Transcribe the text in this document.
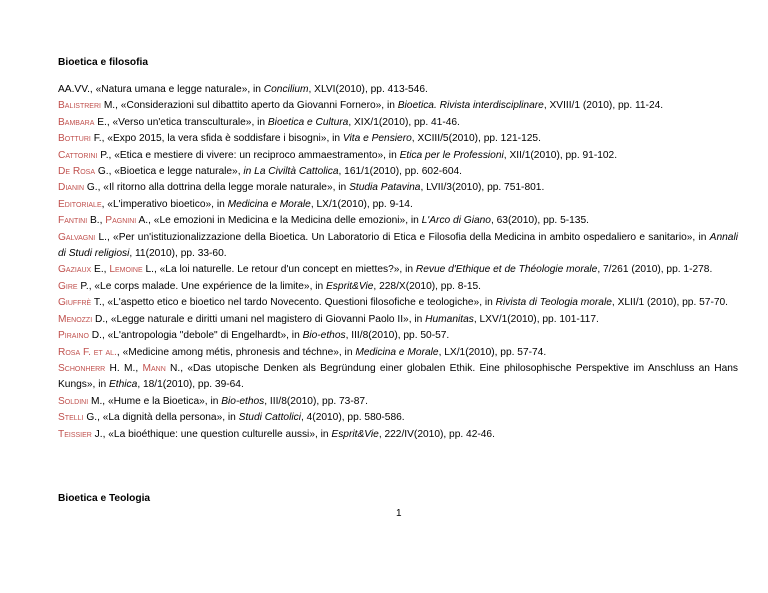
Bioetica e filosofia
AA.VV., «Natura umana e legge naturale», in Concilium, XLVI(2010), pp. 413-546.
Balistreri M., «Considerazioni sul dibattito aperto da Giovanni Fornero», in Bioetica. Rivista interdisciplinare, XVIII/1 (2010), pp. 11-24.
Bambara E., «Verso un'etica transculturale», in Bioetica e Cultura, XIX/1(2010), pp. 41-46.
Botturi F., «Expo 2015, la vera sfida è soddisfare i bisogni», in Vita e Pensiero, XCIII/5(2010), pp. 121-125.
Cattorini P., «Etica e mestiere di vivere: un reciproco ammaestramento», in Etica per le Professioni, XII/1(2010), pp. 91-102.
De Rosa G., «Bioetica e legge naturale», in La Civiltà Cattolica, 161/1(2010), pp. 602-604.
Dianin G., «Il ritorno alla dottrina della legge morale naturale», in Studia Patavina, LVII/3(2010), pp. 751-801.
Editoriale, «L'imperativo bioetico», in Medicina e Morale, LX/1(2010), pp. 9-14.
Fantini B., Pagnini A., «Le emozioni in Medicina e la Medicina delle emozioni», in L'Arco di Giano, 63(2010), pp. 5-135.
Galvagni L., «Per un'istituzionalizzazione della Bioetica. Un Laboratorio di Etica e Filosofia della Medicina in ambito ospedaliero e sanitario», in Annali di Studi religiosi, 11(2010), pp. 33-60.
Gaziaux E., Lemoine L., «La loi naturelle. Le retour d'un concept en miettes?», in Revue d'Ethique et de Théologie morale, 7/261 (2010), pp. 1-278.
Gire P., «Le corps malade. Une expérience de la limite», in Esprit&Vie, 228/X(2010), pp. 8-15.
Giuffrè T., «L'aspetto etico e bioetico nel tardo Novecento. Questioni filosofiche e teologiche», in Rivista di Teologia morale, XLII/1 (2010), pp. 57-70.
Menozzi D., «Legge naturale e diritti umani nel magistero di Giovanni Paolo II», in Humanitas, LXV/1(2010), pp. 101-117.
Piraino D., «L'antropologia "debole" di Engelhardt», in Bio-ethos, III/8(2010), pp. 50-57.
Rosa F. et al., «Medicine among métis, phronesis and téchne», in Medicina e Morale, LX/1(2010), pp. 57-74.
Schonherr H. M., Mann N., «Das utopische Denken als Begründung einer globalen Ethik. Eine philosophische Perspektive im Anschluss an Hans Kungs», in Ethica, 18/1(2010), pp. 39-64.
Soldini M., «Hume e la Bioetica», in Bio-ethos, III/8(2010), pp. 73-87.
Stelli G., «La dignità della persona», in Studi Cattolici, 4(2010), pp. 580-586.
Teissier J., «La bioéthique: une question culturelle aussi», in Esprit&Vie, 222/IV(2010), pp. 42-46.
Bioetica e Teologia
1
